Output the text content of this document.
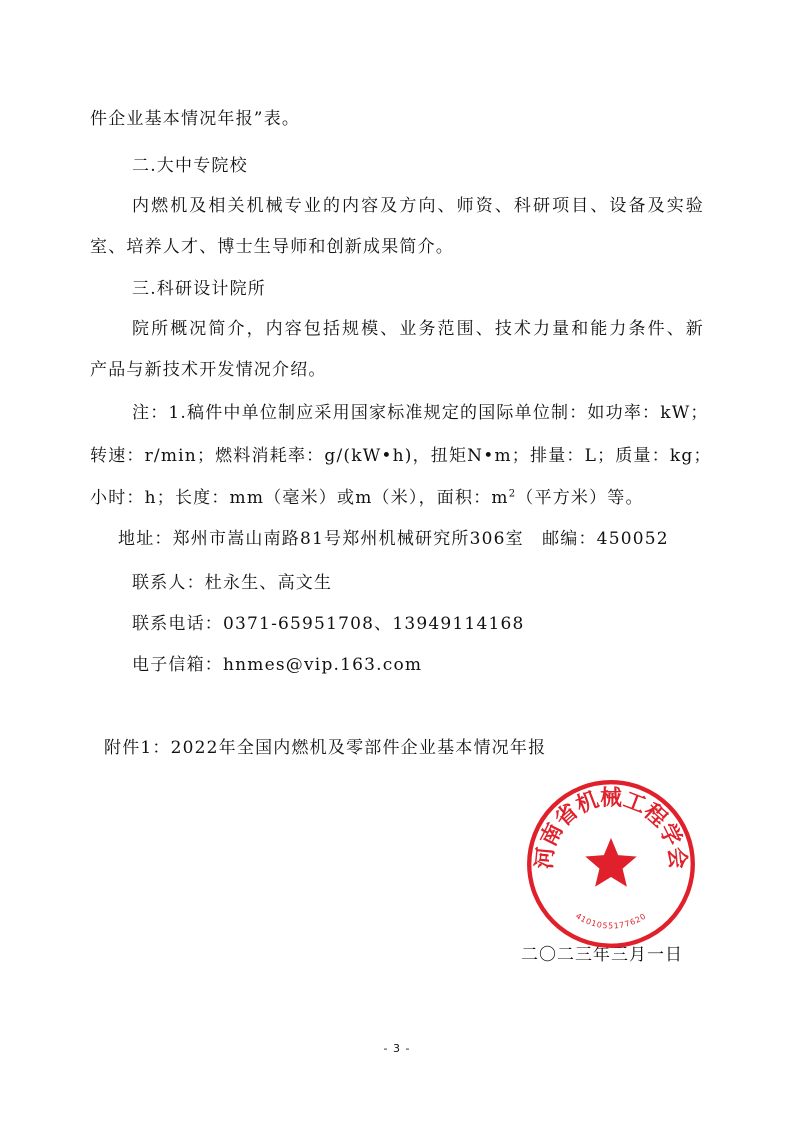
件企业基本情况年报”表。
二.大中专院校
内燃机及相关机械专业的内容及方向、师资、科研项目、设备及实验
室、培养人才、博士生导师和创新成果简介。
三.科研设计院所
院所概况简介，内容包括规模、业务范围、技术力量和能力条件、新
产品与新技术开发情况介绍。
注：1.稿件中单位制应采用国家标准规定的国际单位制：如功率：kW；
转速：r/min；燃料消耗率：g/(kW•h)，扭矩N•m；排量：L；质量：kg；
小时：h；长度：mm（毫米）或m（米），面积：$m^2$（平方米）等。
地址：郑州市嵩山南路81号郑州机械研究所306室　邮编：450052
联系人：杜永生、高文生
联系电话：0371-65951708、13949114168
电子信箱：hnmes@vip.163.com
附件1：2022年全国内燃机及零部件企业基本情况年报
二〇二三年三月一日
河南省机械工程学会
4101055177620
- 3 -
